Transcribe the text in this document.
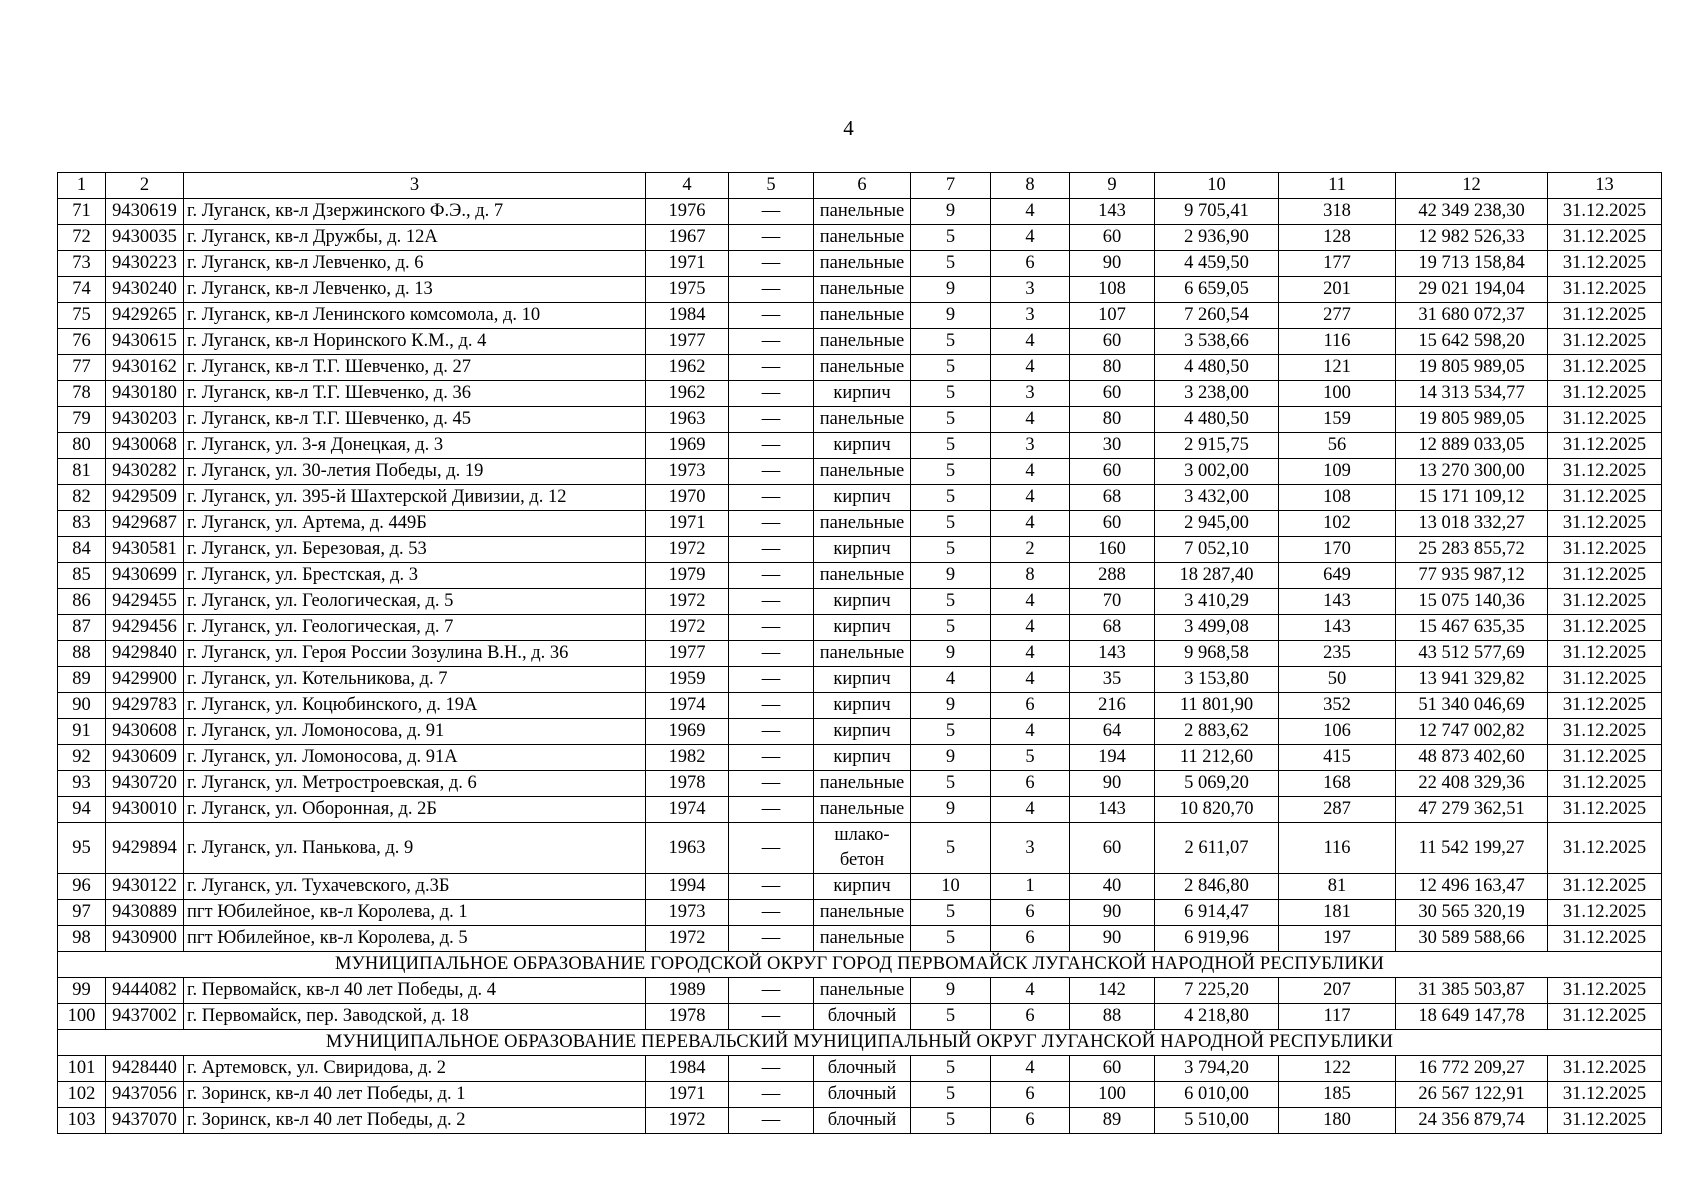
4
1	2	3	4	5	6	7	8	9	10	11	12	13
71	9430619	г. Луганск, кв-л Дзержинского Ф.Э., д. 7	1976	—	панельные	9	4	143	9 705,41	318	42 349 238,30	31.12.2025
72	9430035	г. Луганск, кв-л Дружбы, д. 12А	1967	—	панельные	5	4	60	2 936,90	128	12 982 526,33	31.12.2025
73	9430223	г. Луганск, кв-л Левченко, д. 6	1971	—	панельные	5	6	90	4 459,50	177	19 713 158,84	31.12.2025
74	9430240	г. Луганск, кв-л Левченко, д. 13	1975	—	панельные	9	3	108	6 659,05	201	29 021 194,04	31.12.2025
75	9429265	г. Луганск, кв-л Ленинского комсомола, д. 10	1984	—	панельные	9	3	107	7 260,54	277	31 680 072,37	31.12.2025
76	9430615	г. Луганск, кв-л Норинского К.М., д. 4	1977	—	панельные	5	4	60	3 538,66	116	15 642 598,20	31.12.2025
77	9430162	г. Луганск, кв-л Т.Г. Шевченко, д. 27	1962	—	панельные	5	4	80	4 480,50	121	19 805 989,05	31.12.2025
78	9430180	г. Луганск, кв-л Т.Г. Шевченко, д. 36	1962	—	кирпич	5	3	60	3 238,00	100	14 313 534,77	31.12.2025
79	9430203	г. Луганск, кв-л Т.Г. Шевченко, д. 45	1963	—	панельные	5	4	80	4 480,50	159	19 805 989,05	31.12.2025
80	9430068	г. Луганск, ул. 3-я Донецкая, д. 3	1969	—	кирпич	5	3	30	2 915,75	56	12 889 033,05	31.12.2025
81	9430282	г. Луганск, ул. 30-летия Победы, д. 19	1973	—	панельные	5	4	60	3 002,00	109	13 270 300,00	31.12.2025
82	9429509	г. Луганск, ул. 395-й Шахтерской Дивизии, д. 12	1970	—	кирпич	5	4	68	3 432,00	108	15 171 109,12	31.12.2025
83	9429687	г. Луганск, ул. Артема, д. 449Б	1971	—	панельные	5	4	60	2 945,00	102	13 018 332,27	31.12.2025
84	9430581	г. Луганск, ул. Березовая, д. 53	1972	—	кирпич	5	2	160	7 052,10	170	25 283 855,72	31.12.2025
85	9430699	г. Луганск, ул. Брестская, д. 3	1979	—	панельные	9	8	288	18 287,40	649	77 935 987,12	31.12.2025
86	9429455	г. Луганск, ул. Геологическая, д. 5	1972	—	кирпич	5	4	70	3 410,29	143	15 075 140,36	31.12.2025
87	9429456	г. Луганск, ул. Геологическая, д. 7	1972	—	кирпич	5	4	68	3 499,08	143	15 467 635,35	31.12.2025
88	9429840	г. Луганск, ул. Героя России Зозулина В.Н., д. 36	1977	—	панельные	9	4	143	9 968,58	235	43 512 577,69	31.12.2025
89	9429900	г. Луганск, ул. Котельникова, д. 7	1959	—	кирпич	4	4	35	3 153,80	50	13 941 329,82	31.12.2025
90	9429783	г. Луганск, ул. Коцюбинского, д. 19А	1974	—	кирпич	9	6	216	11 801,90	352	51 340 046,69	31.12.2025
91	9430608	г. Луганск, ул. Ломоносова, д. 91	1969	—	кирпич	5	4	64	2 883,62	106	12 747 002,82	31.12.2025
92	9430609	г. Луганск, ул. Ломоносова, д. 91А	1982	—	кирпич	9	5	194	11 212,60	415	48 873 402,60	31.12.2025
93	9430720	г. Луганск, ул. Метростроевская, д. 6	1978	—	панельные	5	6	90	5 069,20	168	22 408 329,36	31.12.2025
94	9430010	г. Луганск, ул. Оборонная, д. 2Б	1974	—	панельные	9	4	143	10 820,70	287	47 279 362,51	31.12.2025
95	9429894	г. Луганск, ул. Панькова, д. 9	1963	—	шлако-бетон	5	3	60	2 611,07	116	11 542 199,27	31.12.2025
96	9430122	г. Луганск, ул. Тухачевского, д.3Б	1994	—	кирпич	10	1	40	2 846,80	81	12 496 163,47	31.12.2025
97	9430889	пгт Юбилейное, кв-л Королева, д. 1	1973	—	панельные	5	6	90	6 914,47	181	30 565 320,19	31.12.2025
98	9430900	пгт Юбилейное, кв-л Королева, д. 5	1972	—	панельные	5	6	90	6 919,96	197	30 589 588,66	31.12.2025
МУНИЦИПАЛЬНОЕ ОБРАЗОВАНИЕ ГОРОДСКОЙ ОКРУГ ГОРОД ПЕРВОМАЙСК ЛУГАНСКОЙ НАРОДНОЙ РЕСПУБЛИКИ												
99	9444082	г. Первомайск, кв-л 40 лет Победы, д. 4	1989	—	панельные	9	4	142	7 225,20	207	31 385 503,87	31.12.2025
100	9437002	г. Первомайск, пер. Заводской, д. 18	1978	—	блочный	5	6	88	4 218,80	117	18 649 147,78	31.12.2025
МУНИЦИПАЛЬНОЕ ОБРАЗОВАНИЕ ПЕРЕВАЛЬСКИЙ МУНИЦИПАЛЬНЫЙ ОКРУГ ЛУГАНСКОЙ НАРОДНОЙ РЕСПУБЛИКИ												
101	9428440	г. Артемовск, ул. Свиридова, д. 2	1984	—	блочный	5	4	60	3 794,20	122	16 772 209,27	31.12.2025
102	9437056	г. Зоринск, кв-л 40 лет Победы, д. 1	1971	—	блочный	5	6	100	6 010,00	185	26 567 122,91	31.12.2025
103	9437070	г. Зоринск, кв-л 40 лет Победы, д. 2	1972	—	блочный	5	6	89	5 510,00	180	24 356 879,74	31.12.2025
